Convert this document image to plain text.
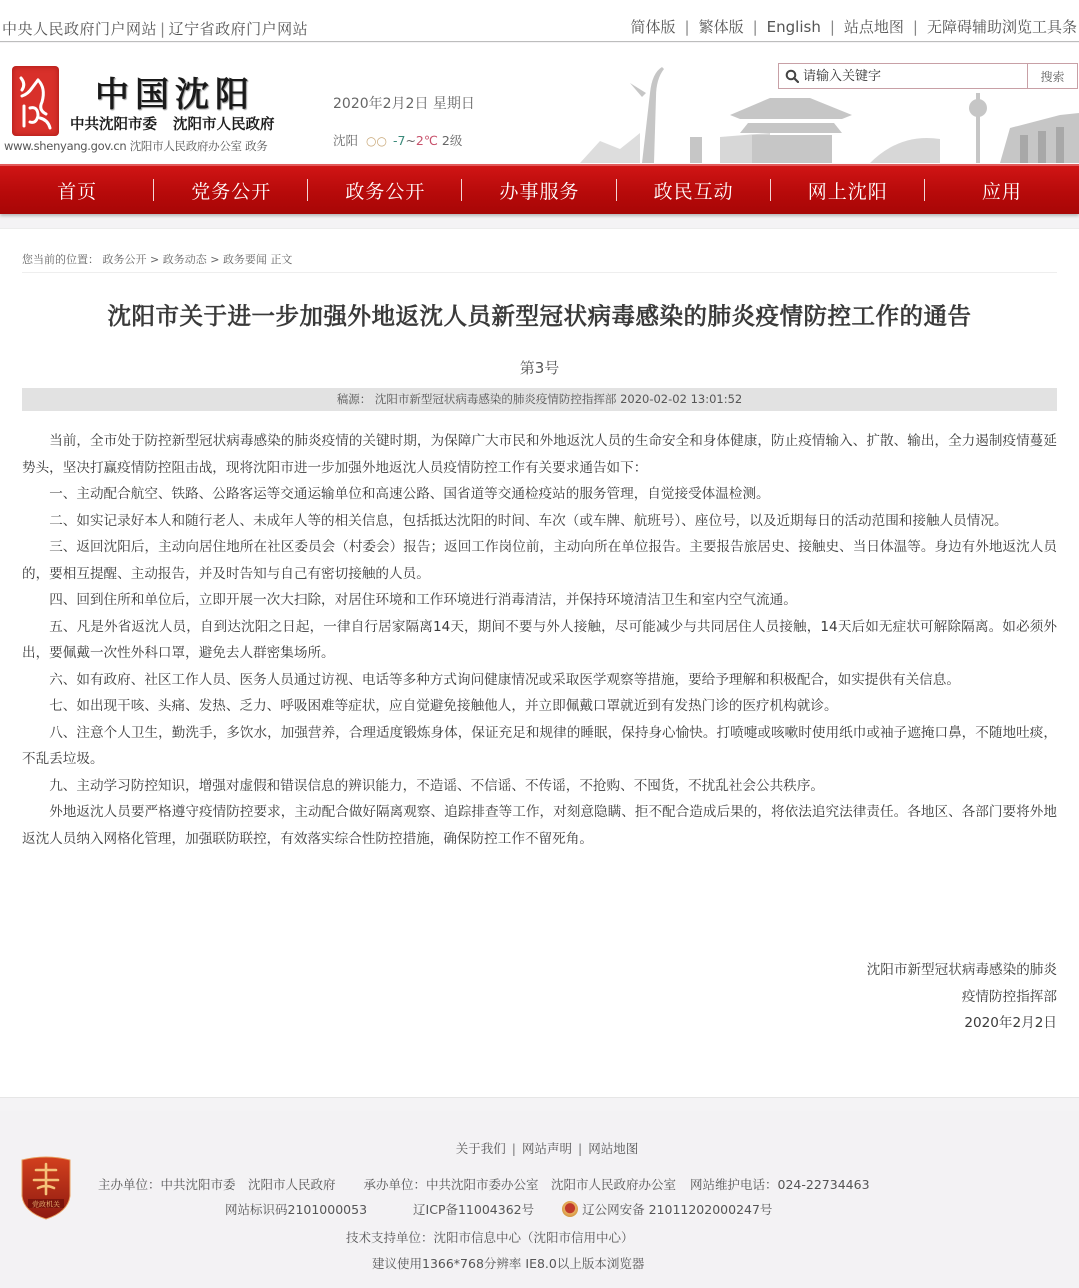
中央人民政府门户网站 | 辽宁省政府门户网站	简体版 | 繁体版 | English | 站点地图 | 无障碍辅助浏览工具条
中国沈阳
中共沈阳市委 沈阳市人民政府
www.shenyang.gov.cn 沈阳市人民政府办公室 政务
2020年2月2日 星期日
沈阳 ○○ -7~2℃ 2级
请输入关键字
搜索
首页	党务公开	政务公开	办事服务	政民互动	网上沈阳	应用
您当前的位置： 政务公开 > 政务动态 > 政务要闻 正文
沈阳市关于进一步加强外地返沈人员新型冠状病毒感染的肺炎疫情防控工作的通告
第3号
稿源： 沈阳市新型冠状病毒感染的肺炎疫情防控指挥部 2020-02-02 13:01:52

当前，全市处于防控新型冠状病毒感染的肺炎疫情的关键时期，为保障广大市民和外地返沈人员的生命安全和身体健康，防止疫情输入、扩散、输出，全力遏制疫情蔓延势头，坚决打赢疫情防控阻击战，现将沈阳市进一步加强外地返沈人员疫情防控工作有关要求通告如下：

一、主动配合航空、铁路、公路客运等交通运输单位和高速公路、国省道等交通检疫站的服务管理，自觉接受体温检测。

二、如实记录好本人和随行老人、未成年人等的相关信息，包括抵达沈阳的时间、车次（或车牌、航班号）、座位号，以及近期每日的活动范围和接触人员情况。

三、返回沈阳后，主动向居住地所在社区委员会（村委会）报告；返回工作岗位前，主动向所在单位报告。主要报告旅居史、接触史、当日体温等。身边有外地返沈人员的，要相互提醒、主动报告，并及时告知与自己有密切接触的人员。

四、回到住所和单位后，立即开展一次大扫除，对居住环境和工作环境进行消毒清洁，并保持环境清洁卫生和室内空气流通。

五、凡是外省返沈人员，自到达沈阳之日起，一律自行居家隔离14天，期间不要与外人接触，尽可能减少与共同居住人员接触，14天后如无症状可解除隔离。如必须外出，要佩戴一次性外科口罩，避免去人群密集场所。

六、如有政府、社区工作人员、医务人员通过访视、电话等多种方式询问健康情况或采取医学观察等措施，要给予理解和积极配合，如实提供有关信息。

七、如出现干咳、头痛、发热、乏力、呼吸困难等症状，应自觉避免接触他人，并立即佩戴口罩就近到有发热门诊的医疗机构就诊。

八、注意个人卫生，勤洗手，多饮水，加强营养，合理适度锻炼身体，保证充足和规律的睡眠，保持身心愉快。打喷嚏或咳嗽时使用纸巾或袖子遮掩口鼻，不随地吐痰，不乱丢垃圾。

九、主动学习防控知识，增强对虚假和错误信息的辨识能力，不造谣、不信谣、不传谣，不抢购、不囤货，不扰乱社会公共秩序。

外地返沈人员要严格遵守疫情防控要求，主动配合做好隔离观察、追踪排查等工作，对刻意隐瞒、拒不配合造成后果的，将依法追究法律责任。各地区、各部门要将外地返沈人员纳入网格化管理，加强联防联控，有效落实综合性防控措施，确保防控工作不留死角。

沈阳市新型冠状病毒感染的肺炎
疫情防控指挥部
2020年2月2日
党政机关
关于我们 | 网站声明 | 网站地图
主办单位：中共沈阳市委　沈阳市人民政府 承办单位：中共沈阳市委办公室　沈阳市人民政府办公室 网站维护电话：024-22734463
网站标识码2101000053	辽ICP备11004362号	辽公网安备 21011202000247号
技术支持单位：沈阳市信息中心（沈阳市信用中心）
建议使用1366*768分辨率 IE8.0以上版本浏览器
